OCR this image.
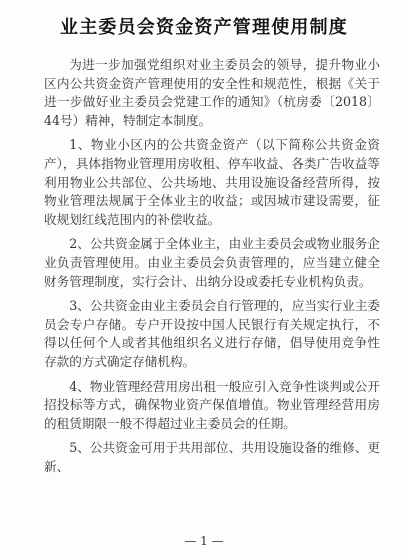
业主委员会资金资产管理使用制度

为进一步加强党组织对业主委员会的领导，提升物业小区内公共资金资产管理使用的安全性和规范性，根据《关于进一步做好业主委员会党建工作的通知》（杭房委〔2018〕44号）精神，特制定本制度。

1、物业小区内的公共资金资产（以下简称公共资金资产），具体指物业管理用房收租、停车收益、各类广告收益等利用物业公共部位、公共场地、共用设施设备经营所得，按物业管理法规属于全体业主的收益；或因城市建设需要，征收规划红线范围内的补偿收益。

2、公共资金属于全体业主，由业主委员会或物业服务企业负责管理使用。由业主委员会负责管理的，应当建立健全财务管理制度，实行会计、出纳分设或委托专业机构负责。

3、公共资金由业主委员会自行管理的，应当实行业主委员会专户存储。专户开设按中国人民银行有关规定执行，不得以任何个人或者其他组织名义进行存储，倡导使用竞争性存款的方式确定存储机构。

4、物业管理经营用房出租一般应引入竞争性谈判或公开招投标等方式，确保物业资产保值增值。物业管理经营用房的租赁期限一般不得超过业主委员会的任期。

5、公共资金可用于共用部位、共用设施设备的维修、更新、

— 1 —
